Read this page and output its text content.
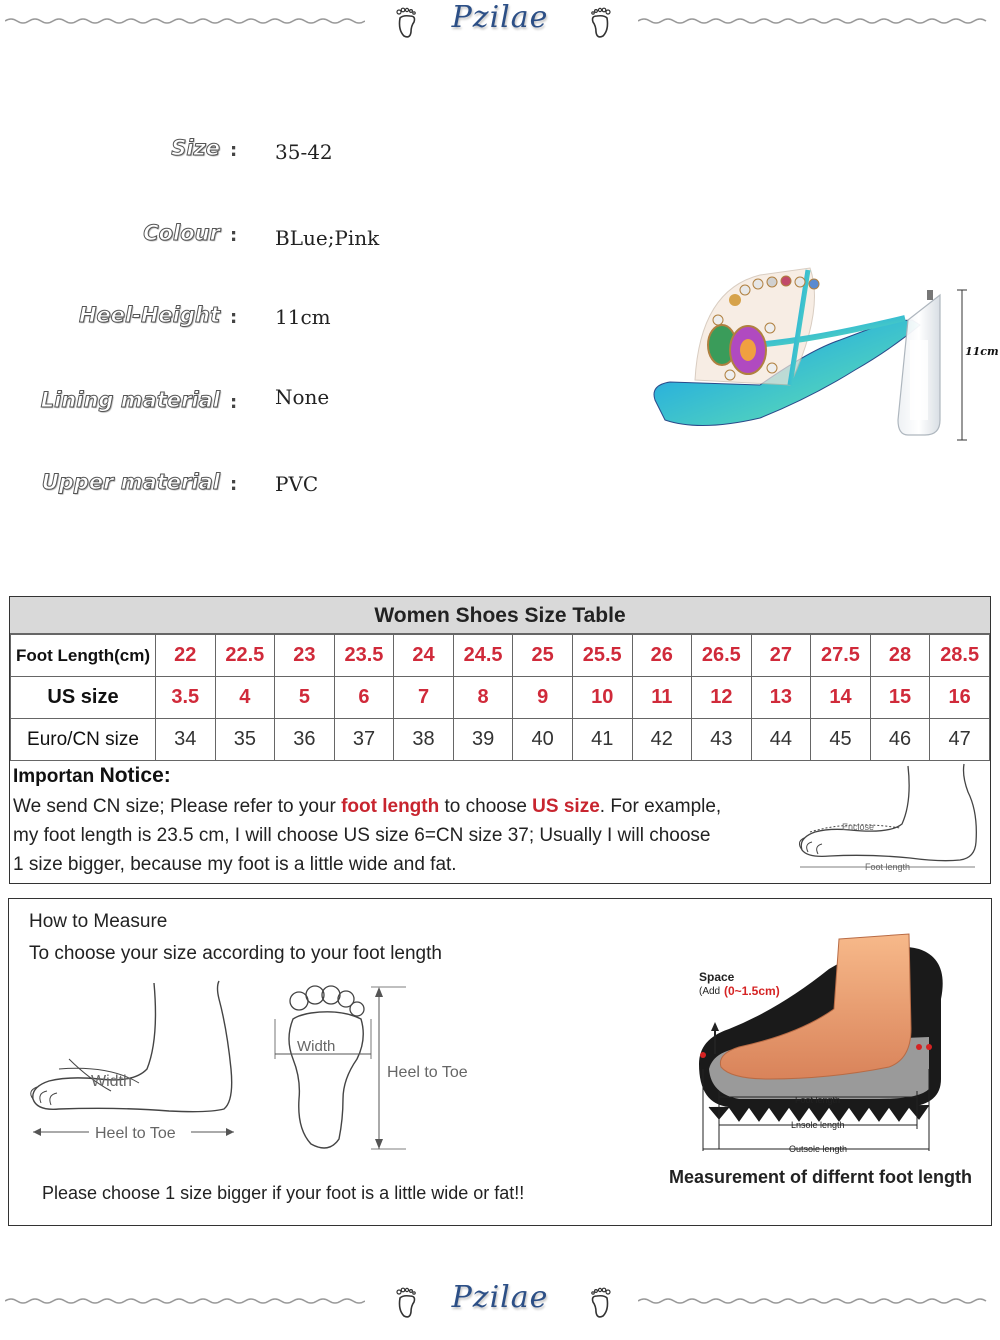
Pzilae
Size : 35-42
Colour : BLue;Pink
Heel-Height : 11cm
Lining material : None
Upper material : PVC
11cm
Women Shoes Size Table
Foot Length(cm)	22	22.5	23	23.5	24	24.5	25	25.5	26	26.5	27	27.5	28	28.5
US size	3.5	4	5	6	7	8	9	10	11	12	13	14	15	16
Euro/CN size	34	35	36	37	38	39	40	41	42	43	44	45	46	47
Importan Notice:
We send CN size; Please refer to your foot length to choose US size. For example,
my foot length is 23.5 cm, I will choose US size 6=CN size 37; Usually I will choose
1 size bigger, because my foot is a little wide and fat.
Enclose
Foot length
How to Measure
To choose your size according to your foot length
Width
Heel to Toe
Width
Heel to Toe
Please choose 1 size bigger if your foot is a little wide or fat!!
Space
(Add (0~1.5cm)
Foot length
Lnsole length
Outsole length
Measurement of differnt foot length
Pzilae
